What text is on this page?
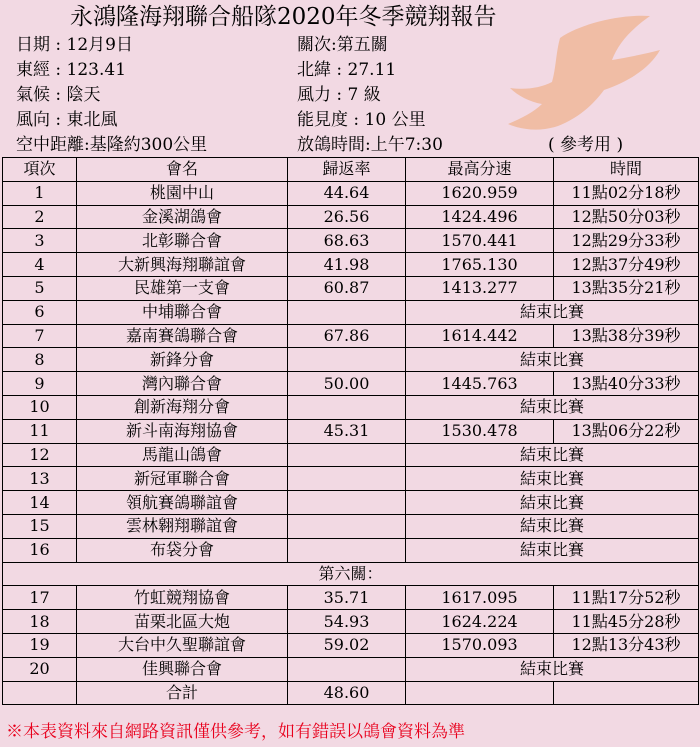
永鴻隆海翔聯合船隊2020年冬季競翔報告
日期 : 12月9日	關次:第五關
東經 : 123.41	北緯 : 27.11
氣候 : 陰天	風力 : 7 級
風向 : 東北風	能見度 : 10 公里
空中距離:基隆約300公里	放鴿時間:上午7:30	( 參考用 )
項次	會名	歸返率	最高分速	時間
1	桃園中山	44.64	1620.959	11點02分18秒
2	金溪湖鴿會	26.56	1424.496	12點50分03秒
3	北彰聯合會	68.63	1570.441	12點29分33秒
4	大新興海翔聯誼會	41.98	1765.130	12點37分49秒
5	民雄第一支會	60.87	1413.277	13點35分21秒
6	中埔聯合會		結束比賽	
7	嘉南賽鴿聯合會	67.86	1614.442	13點38分39秒
8	新鋒分會		結束比賽	
9	灣內聯合會	50.00	1445.763	13點40分33秒
10	創新海翔分會		結束比賽	
11	新斗南海翔協會	45.31	1530.478	13點06分22秒
12	馬龍山鴿會		結束比賽	
13	新冠軍聯合會		結束比賽	
14	領航賽鴿聯誼會		結束比賽	
15	雲林翱翔聯誼會		結束比賽	
16	布袋分會		結束比賽	
第六關：				
17	竹虹競翔協會	35.71	1617.095	11點17分52秒
18	苗栗北區大炮	54.93	1624.224	11點45分28秒
19	大台中久聖聯誼會	59.02	1570.093	12點13分43秒
20	佳興聯合會		結束比賽	
	合計	48.60		
※本表資料來自網路資訊僅供參考，如有錯誤以鴿會資料為準
